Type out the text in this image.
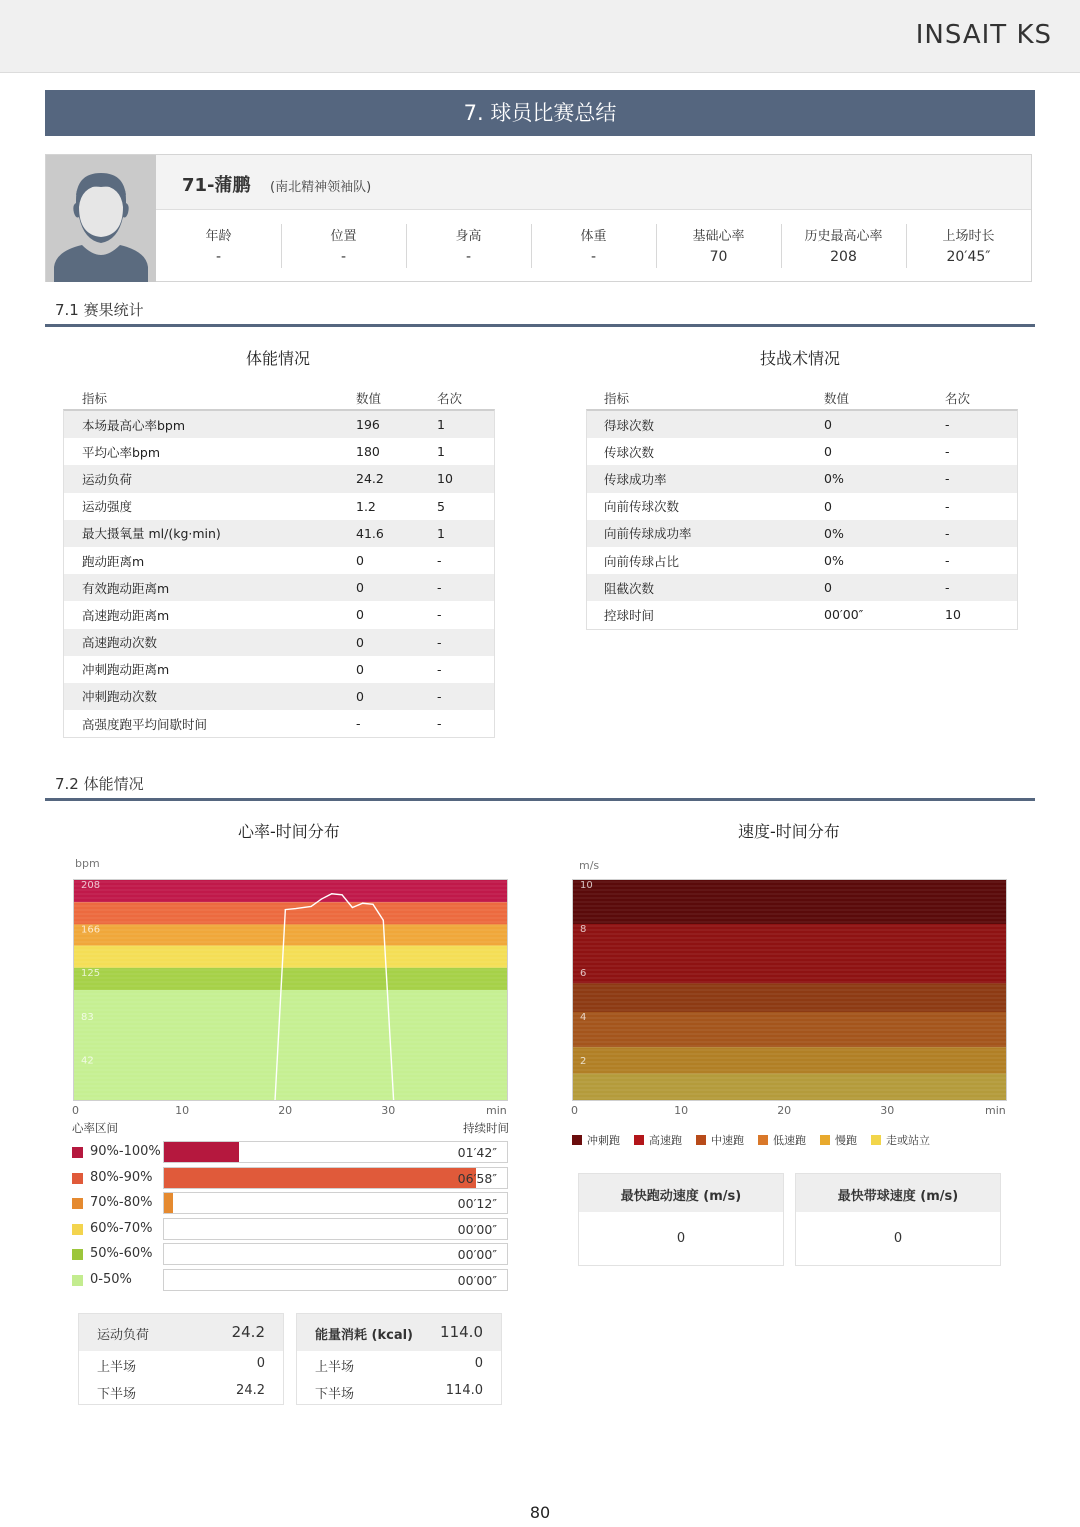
INSAIT KS
7. 球员比赛总结
71-蒲鹏 (南北精神领袖队)
年龄
-
位置
-
身高
-
体重
-
基础心率
70
历史最高心率
208
上场时长
20′45″
7.1 赛果统计
体能情况
指标	数值	名次
本场最高心率bpm	196	1
平均心率bpm	180	1
运动负荷	24.2	10
运动强度	1.2	5
最大摄氧量 ml/(kg·min)	41.6	1
跑动距离m	0	-
有效跑动距离m	0	-
高速跑动距离m	0	-
高速跑动次数	0	-
冲刺跑动距离m	0	-
冲刺跑动次数	0	-
高强度跑平均间歇时间	-	-
技战术情况
指标	数值	名次
得球次数	0	-
传球次数	0	-
传球成功率	0%	-
向前传球次数	0	-
向前传球成功率	0%	-
向前传球占比	0%	-
阻截次数	0	-
控球时间	00′00″	10
7.2 体能情况
心率-时间分布	速度-时间分布
bpm
208
166
125
83
42
0	10	20	30	min
m/s
10
8
6
4
2
0	10	20	30	min
心率区间	持续时间
90%-100%	01′42″
80%-90%	06′58″
70%-80%	00′12″
60%-70%	00′00″
50%-60%	00′00″
0-50%	00′00″
冲刺跑	高速跑	中速跑	低速跑	慢跑	走或站立
最快跑动速度 (m/s)
0
最快带球速度 (m/s)
0
运动负荷	24.2
上半场	0
下半场	24.2
能量消耗 (kcal) 114.0
上半场	0
下半场	114.0
80
